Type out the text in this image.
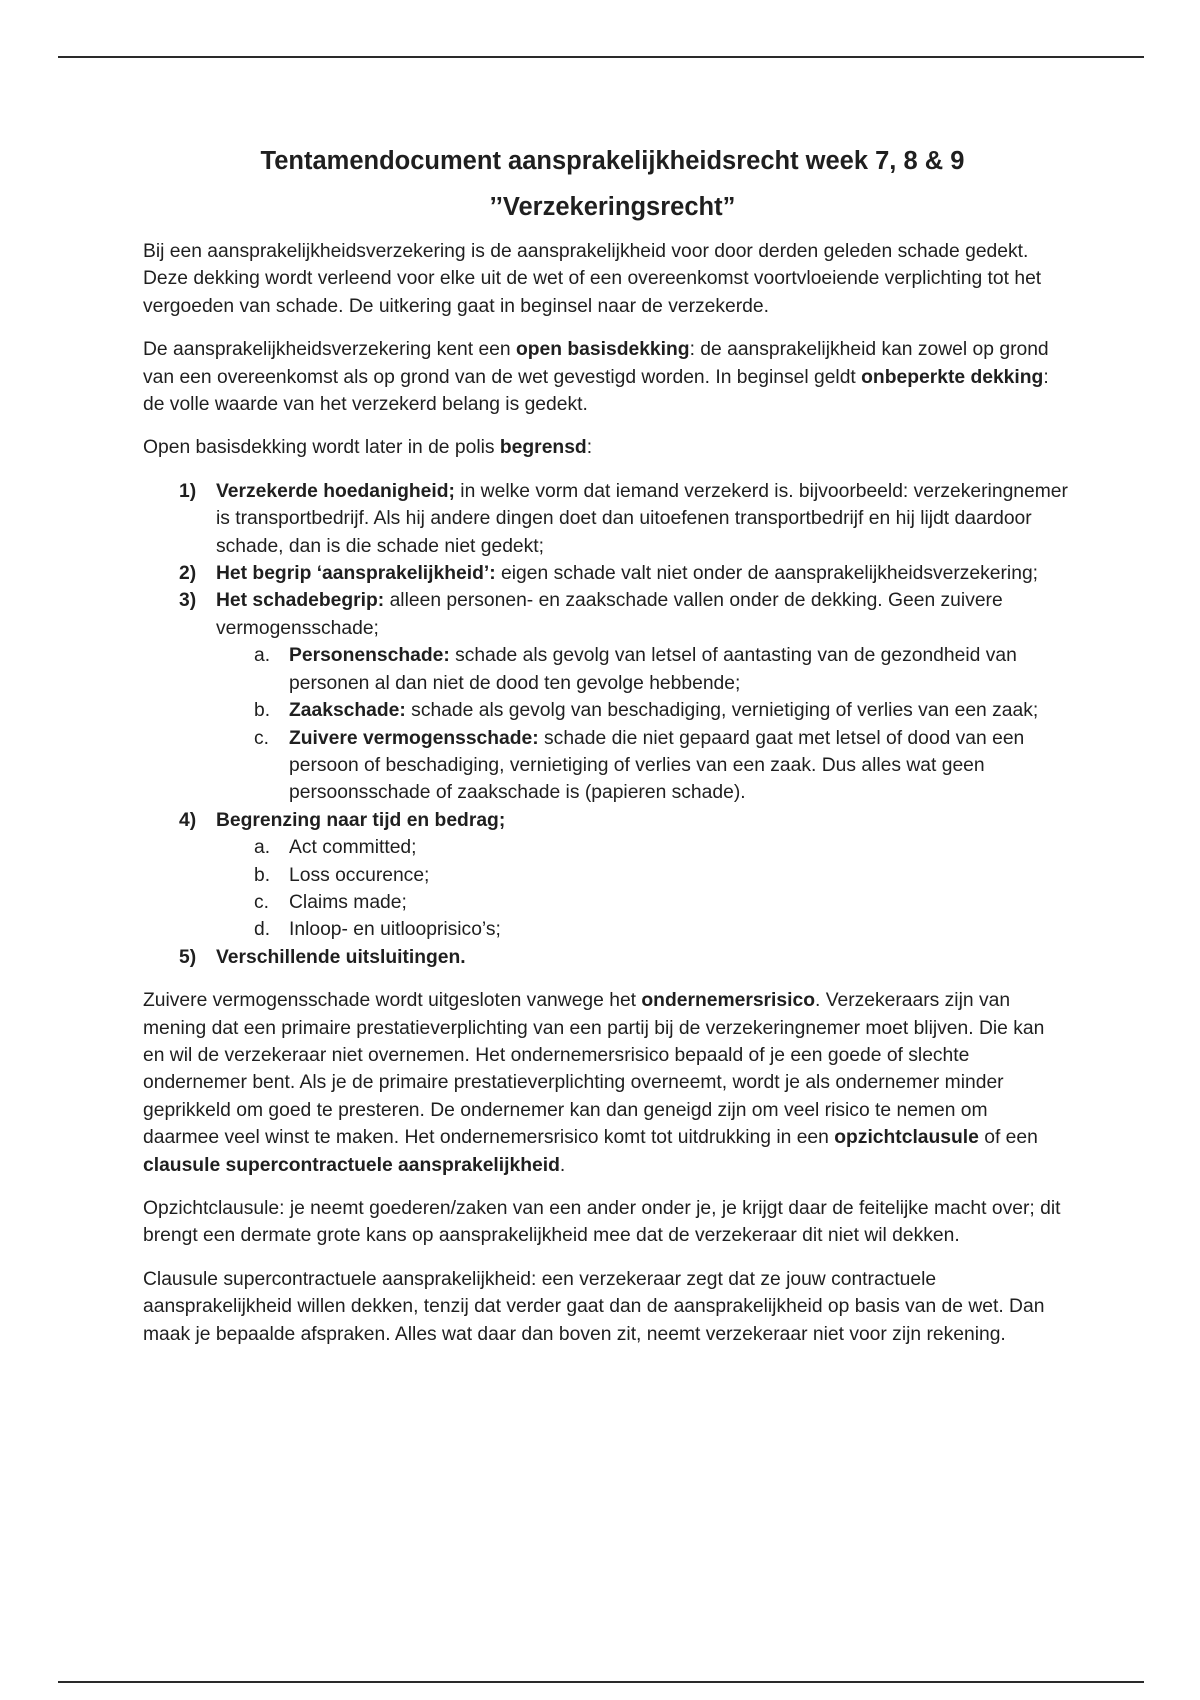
Tentamendocument aansprakelijkheidsrecht week 7, 8 & 9
’’Verzekeringsrecht”

Bij een aansprakelijkheidsverzekering is de aansprakelijkheid voor door derden geleden schade gedekt. Deze dekking wordt verleend voor elke uit de wet of een overeenkomst voortvloeiende verplichting tot het vergoeden van schade. De uitkering gaat in beginsel naar de verzekerde.

De aansprakelijkheidsverzekering kent een open basisdekking: de aansprakelijkheid kan zowel op grond van een overeenkomst als op grond van de wet gevestigd worden. In beginsel geldt onbeperkte dekking: de volle waarde van het verzekerd belang is gedekt.

Open basisdekking wordt later in de polis begrensd:

1) Verzekerde hoedanigheid; in welke vorm dat iemand verzekerd is. bijvoorbeeld: verzekeringnemer is transportbedrijf. Als hij andere dingen doet dan uitoefenen transportbedrijf en hij lijdt daardoor schade, dan is die schade niet gedekt;
2) Het begrip ‘aansprakelijkheid’: eigen schade valt niet onder de aansprakelijkheidsverzekering;
3) Het schadebegrip: alleen personen- en zaakschade vallen onder de dekking. Geen zuivere vermogensschade;
a. Personenschade: schade als gevolg van letsel of aantasting van de gezondheid van personen al dan niet de dood ten gevolge hebbende;
b. Zaakschade: schade als gevolg van beschadiging, vernietiging of verlies van een zaak;
c. Zuivere vermogensschade: schade die niet gepaard gaat met letsel of dood van een persoon of beschadiging, vernietiging of verlies van een zaak. Dus alles wat geen persoonsschade of zaakschade is (papieren schade).
4) Begrenzing naar tijd en bedrag;
a. Act committed;
b. Loss occurence;
c. Claims made;
d. Inloop- en uitlooprisico’s;
5) Verschillende uitsluitingen.

Zuivere vermogensschade wordt uitgesloten vanwege het ondernemersrisico. Verzekeraars zijn van mening dat een primaire prestatieverplichting van een partij bij de verzekeringnemer moet blijven. Die kan en wil de verzekeraar niet overnemen. Het ondernemersrisico bepaald of je een goede of slechte ondernemer bent. Als je de primaire prestatieverplichting overneemt, wordt je als ondernemer minder geprikkeld om goed te presteren. De ondernemer kan dan geneigd zijn om veel risico te nemen om daarmee veel winst te maken. Het ondernemersrisico komt tot uitdrukking in een opzichtclausule of een clausule supercontractuele aansprakelijkheid.

Opzichtclausule: je neemt goederen/zaken van een ander onder je, je krijgt daar de feitelijke macht over; dit brengt een dermate grote kans op aansprakelijkheid mee dat de verzekeraar dit niet wil dekken.

Clausule supercontractuele aansprakelijkheid: een verzekeraar zegt dat ze jouw contractuele aansprakelijkheid willen dekken, tenzij dat verder gaat dan de aansprakelijkheid op basis van de wet. Dan maak je bepaalde afspraken. Alles wat daar dan boven zit, neemt verzekeraar niet voor zijn rekening.
